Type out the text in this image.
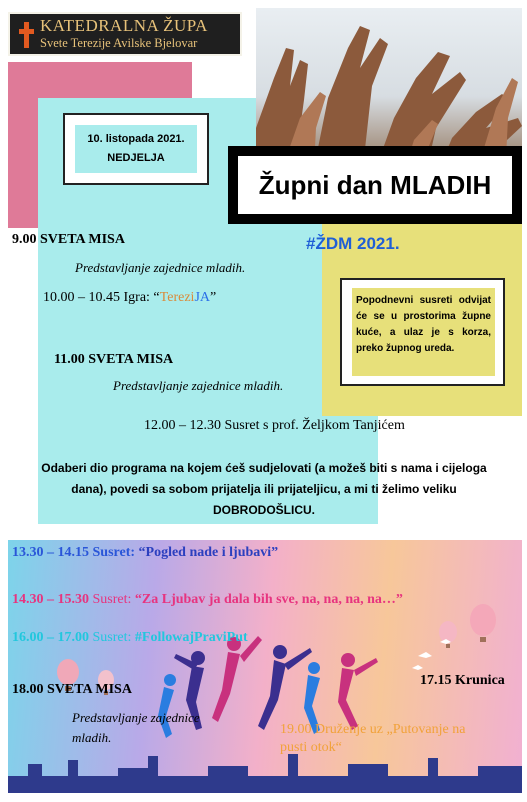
KATEDRALNA ŽUPA
Svete Terezije Avilske Bjelovar
10. listopada 2021.
NEDJELJA
Župni dan MLADIH
#ŽDM 2021.
Popodnevni susreti odvijat će se u prostorima župne kuće, a ulaz je s korza, preko župnog ureda.
9.00 SVETA MISA
Predstavljanje zajednice mladih.
10.00 – 10.45 Igra: “TereziJA”
11.00 SVETA MISA
Predstavljanje zajednice mladih.
12.00 – 12.30 Susret s prof. Željkom Tanjićem
Odaberi dio programa na kojem ćeš sudjelovati (a možeš biti s nama i cijeloga
dana), povedi sa sobom prijatelja ili prijateljicu, a mi ti želimo veliku
DOBRODOŠLICU.
13.30 – 14.15 Susret: “Pogled nade i ljubavi”
14.30 – 15.30 Susret: “Za Ljubav ja dala bih sve, na, na, na, na…”
16.00 – 17.00 Susret: #FollowajPraviPut
18.00 SVETA MISA
Predstavljanje zajednice
mladih.
17.15 Krunica
19.00 Druženje uz „Putovanje na
pusti otok“
